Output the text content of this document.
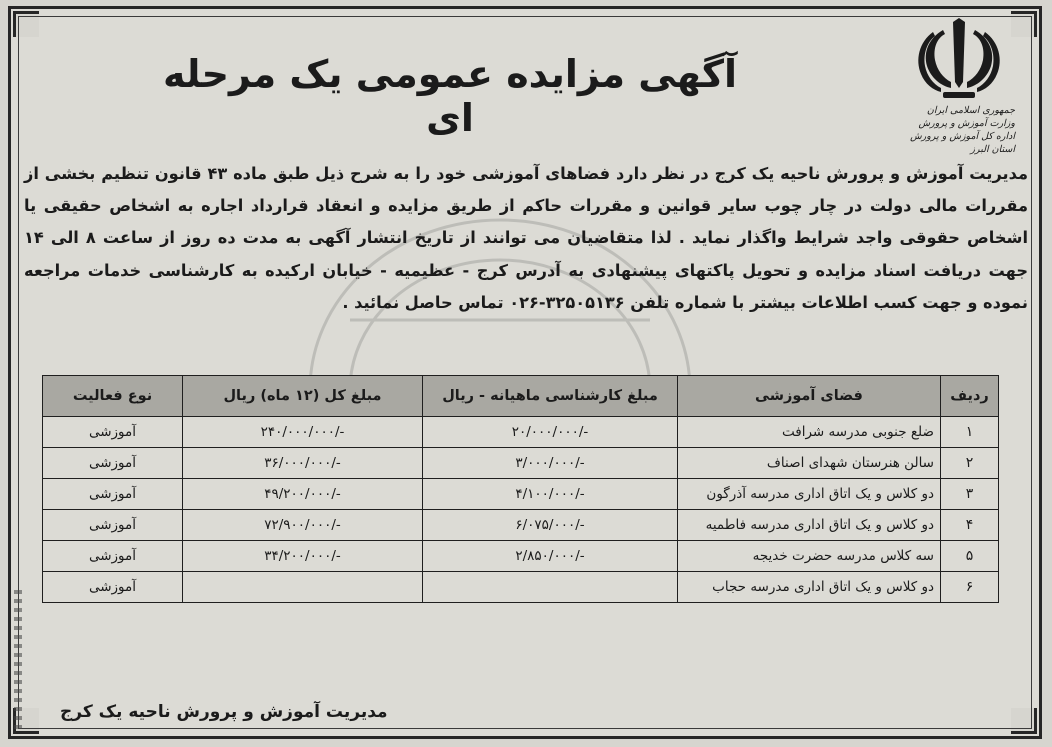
جمهوری اسلامی ایران
وزارت آموزش و پرورش
اداره کل آموزش و پرورش استان البرز
آگهی مزایده عمومی یک مرحله ای
مدیریت آموزش و پرورش ناحیه یک کرج در نظر دارد فضاهای آموزشی خود را به شرح ذیل طبق ماده ۴۳ قانون تنظیم بخشی از مقررات مالی دولت در چار چوب سایر قوانین و مقررات حاکم از طریق مزایده و انعقاد قرارداد اجاره به اشخاص حقیقی یا اشخاص حقوقی واجد شرایط واگذار نماید . لذا متقاضیان می توانند از تاریخ انتشار آگهی به مدت ده روز از ساعت ۸ الی ۱۴ جهت دریافت اسناد مزایده و تحویل پاکتهای پیشنهادی به آدرس کرج - عظیمیه - خیابان ارکیده به کارشناسی خدمات مراجعه نموده و جهت کسب اطلاعات بیشتر با شماره تلفن ۳۲۵۰۵۱۳۶-۰۲۶ تماس حاصل نمائید .
ردیف	فضای آموزشی	مبلغ کارشناسی ماهیانه - ریال	مبلغ کل (۱۲ ماه) ریال	نوع فعالیت
۱	ضلع جنوبی مدرسه شرافت	-/۲۰/۰۰۰/۰۰۰	-/۲۴۰/۰۰۰/۰۰۰	آموزشی
۲	سالن هنرستان شهدای اصناف	-/۳/۰۰۰/۰۰۰	-/۳۶/۰۰۰/۰۰۰	آموزشی
۳	دو کلاس و یک اتاق اداری مدرسه آذرگون	-/۴/۱۰۰/۰۰۰	-/۴۹/۲۰۰/۰۰۰	آموزشی
۴	دو کلاس و یک اتاق اداری مدرسه فاطمیه	-/۶/۰۷۵/۰۰۰	-/۷۲/۹۰۰/۰۰۰	آموزشی
۵	سه کلاس مدرسه حضرت خدیجه	-/۲/۸۵۰/۰۰۰	-/۳۴/۲۰۰/۰۰۰	آموزشی
۶	دو کلاس و یک اتاق اداری مدرسه حجاب			آموزشی
مدیریت آموزش و پرورش ناحیه یک کرج
